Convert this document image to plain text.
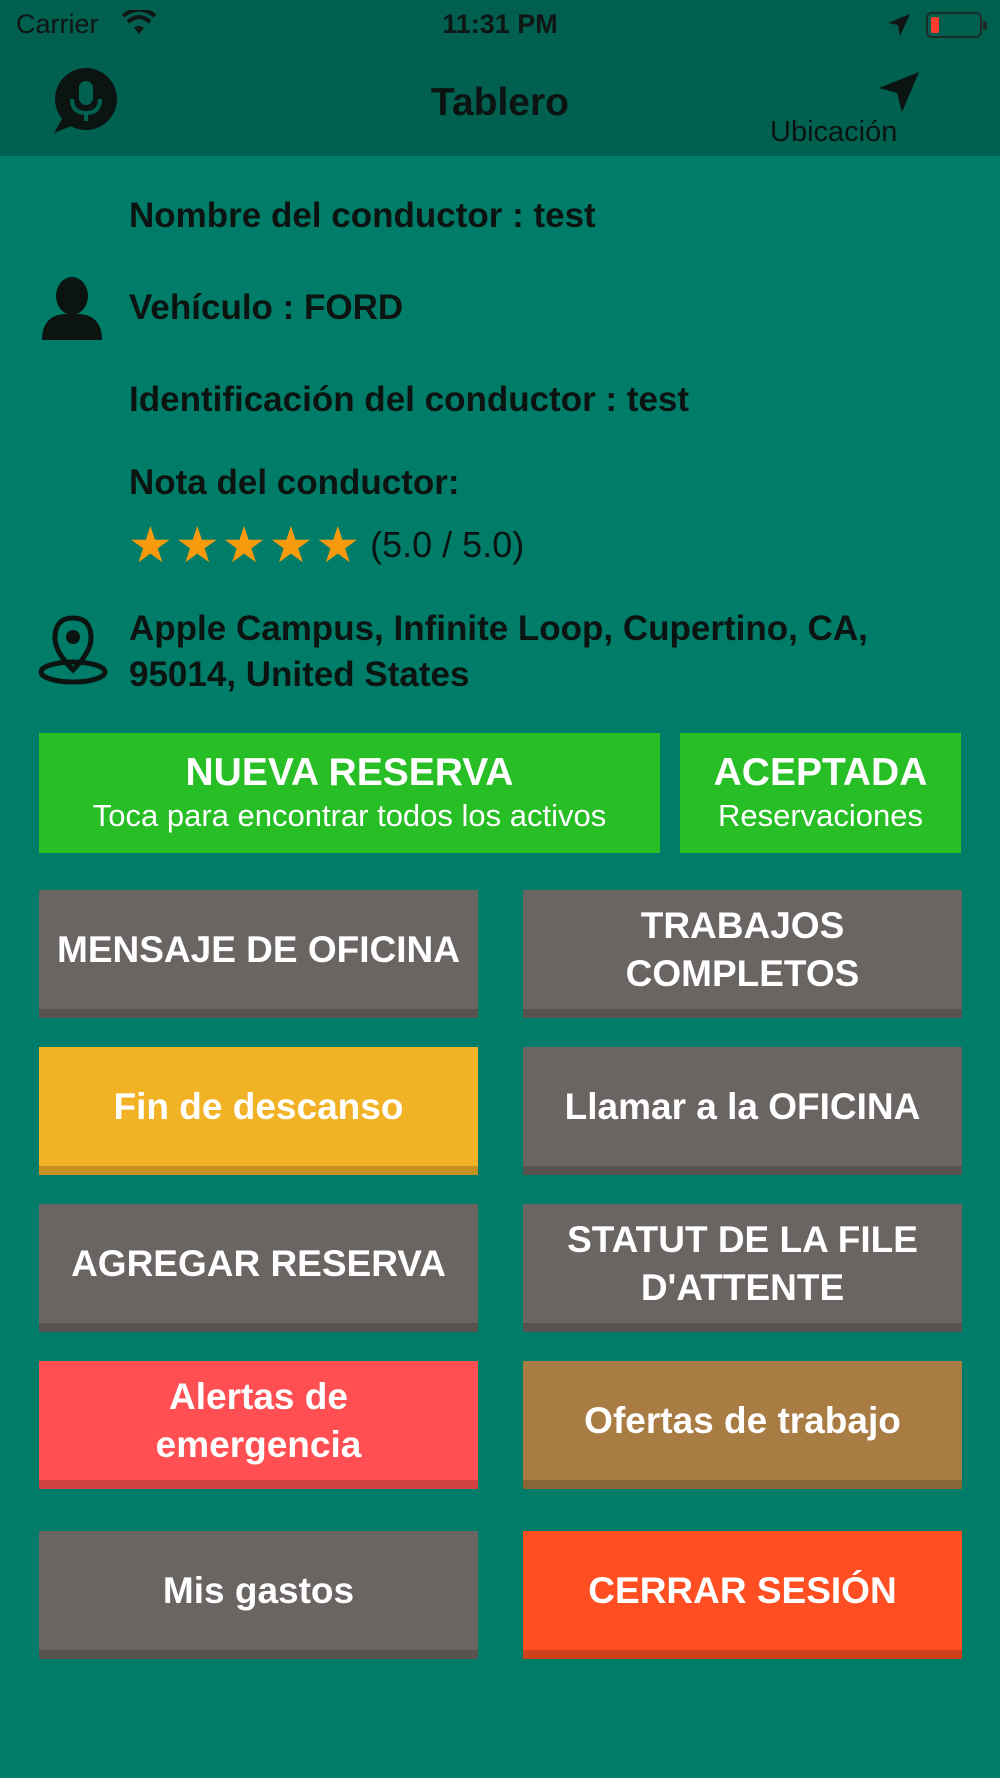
Carrier	11:31 PM
Tablero
Ubicación
Nombre del conductor : test
Vehículo : FORD
Identificación del conductor : test
Nota del conductor:
★ ★ ★ ★ ★ (5.0 / 5.0)
Apple Campus, Infinite Loop, Cupertino, CA, 95014, United States
NUEVA RESERVA
Toca para encontrar todos los activos
ACEPTADA
Reservaciones
MENSAJE DE OFICINA
TRABAJOS COMPLETOS
Fin de descanso	Llamar a la OFICINA
AGREGAR RESERVA
STATUT DE LA FILE D'ATTENTE
Alertas de emergencia
Ofertas de trabajo
Mis gastos	CERRAR SESIÓN
